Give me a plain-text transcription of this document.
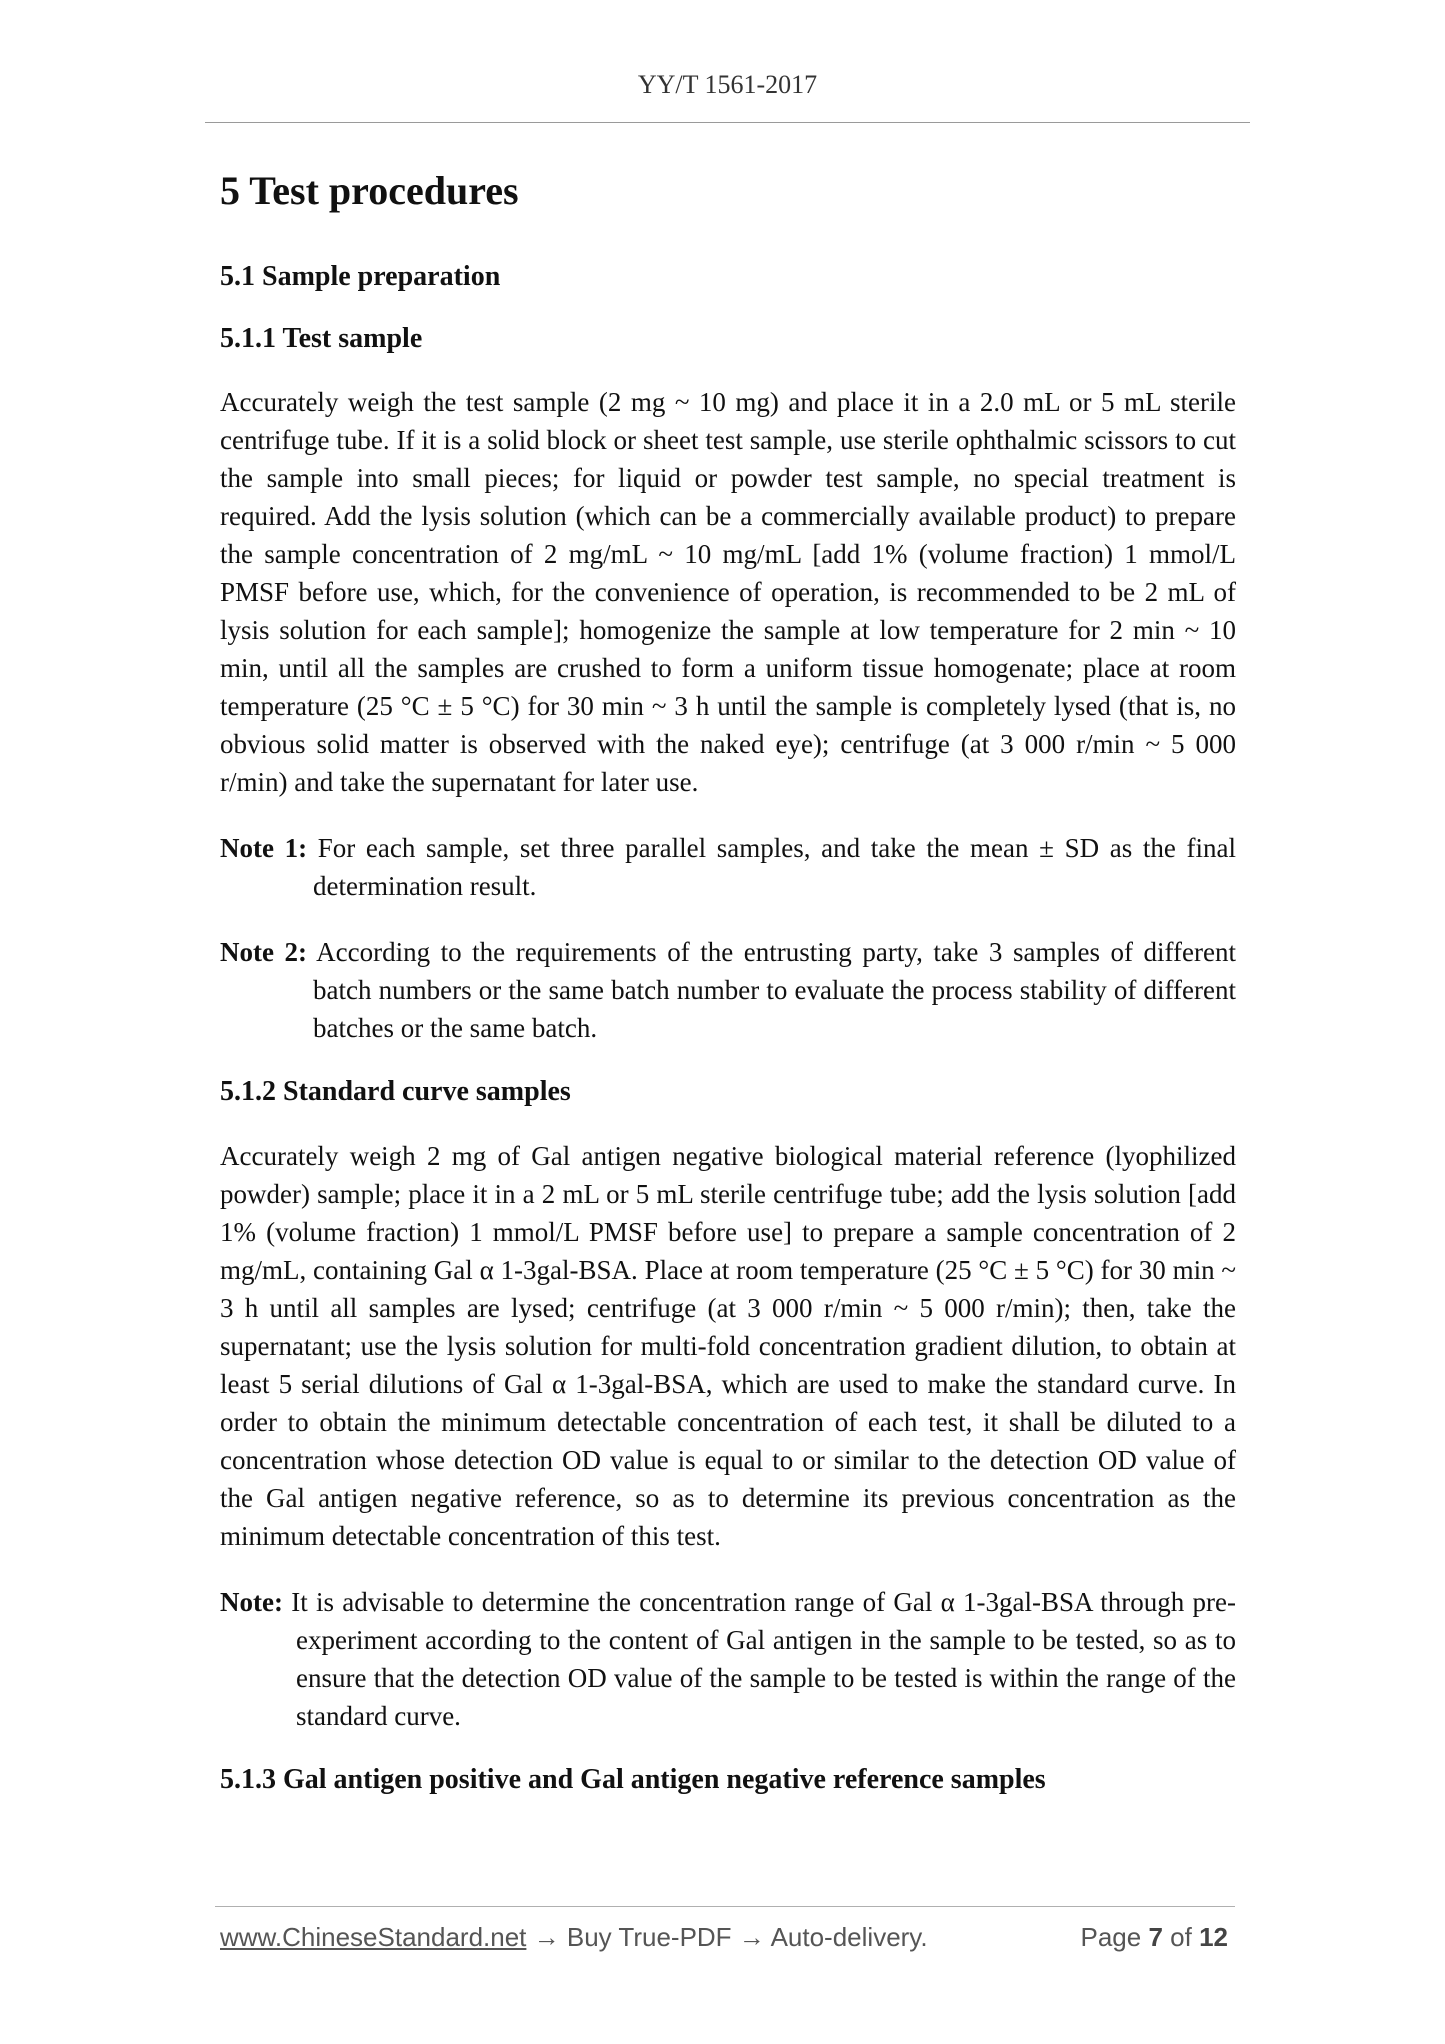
YY/T 1561-2017
5 Test procedures
5.1 Sample preparation
5.1.1 Test sample

Accurately weigh the test sample (2 mg ~ 10 mg) and place it in a 2.0 mL or 5 mL sterile centrifuge tube. If it is a solid block or sheet test sample, use sterile ophthalmic scissors to cut the sample into small pieces; for liquid or powder test sample, no special treatment is required. Add the lysis solution (which can be a commercially available product) to prepare the sample concentration of 2 mg/mL ~ 10 mg/mL [add 1% (volume fraction) 1 mmol/L PMSF before use, which, for the convenience of operation, is recommended to be 2 mL of lysis solution for each sample]; homogenize the sample at low temperature for 2 min ~ 10 min, until all the samples are crushed to form a uniform tissue homogenate; place at room temperature (25 °C ± 5 °C) for 30 min ~ 3 h until the sample is completely lysed (that is, no obvious solid matter is observed with the naked eye); centrifuge (at 3 000 r/min ~ 5 000 r/min) and take the supernatant for later use.

Note 1: For each sample, set three parallel samples, and take the mean ± SD as the final determination result.
Note 2: According to the requirements of the entrusting party, take 3 samples of different batch numbers or the same batch number to evaluate the process stability of different batches or the same batch.
5.1.2 Standard curve samples

Accurately weigh 2 mg of Gal antigen negative biological material reference (lyophilized powder) sample; place it in a 2 mL or 5 mL sterile centrifuge tube; add the lysis solution [add 1% (volume fraction) 1 mmol/L PMSF before use] to prepare a sample concentration of 2 mg/mL, containing Gal α 1-3gal-BSA. Place at room temperature (25 °C ± 5 °C) for 30 min ~ 3 h until all samples are lysed; centrifuge (at 3 000 r/min ~ 5 000 r/min); then, take the supernatant; use the lysis solution for multi-fold concentration gradient dilution, to obtain at least 5 serial dilutions of Gal α 1-3gal-BSA, which are used to make the standard curve. In order to obtain the minimum detectable concentration of each test, it shall be diluted to a concentration whose detection OD value is equal to or similar to the detection OD value of the Gal antigen negative reference, so as to determine its previous concentration as the minimum detectable concentration of this test.

Note: It is advisable to determine the concentration range of Gal α 1-3gal-BSA through pre-experiment according to the content of Gal antigen in the sample to be tested, so as to ensure that the detection OD value of the sample to be tested is within the range of the standard curve.
5.1.3 Gal antigen positive and Gal antigen negative reference samples
www.ChineseStandard.net → Buy True-PDF → Auto-delivery.	Page 7 of 12
